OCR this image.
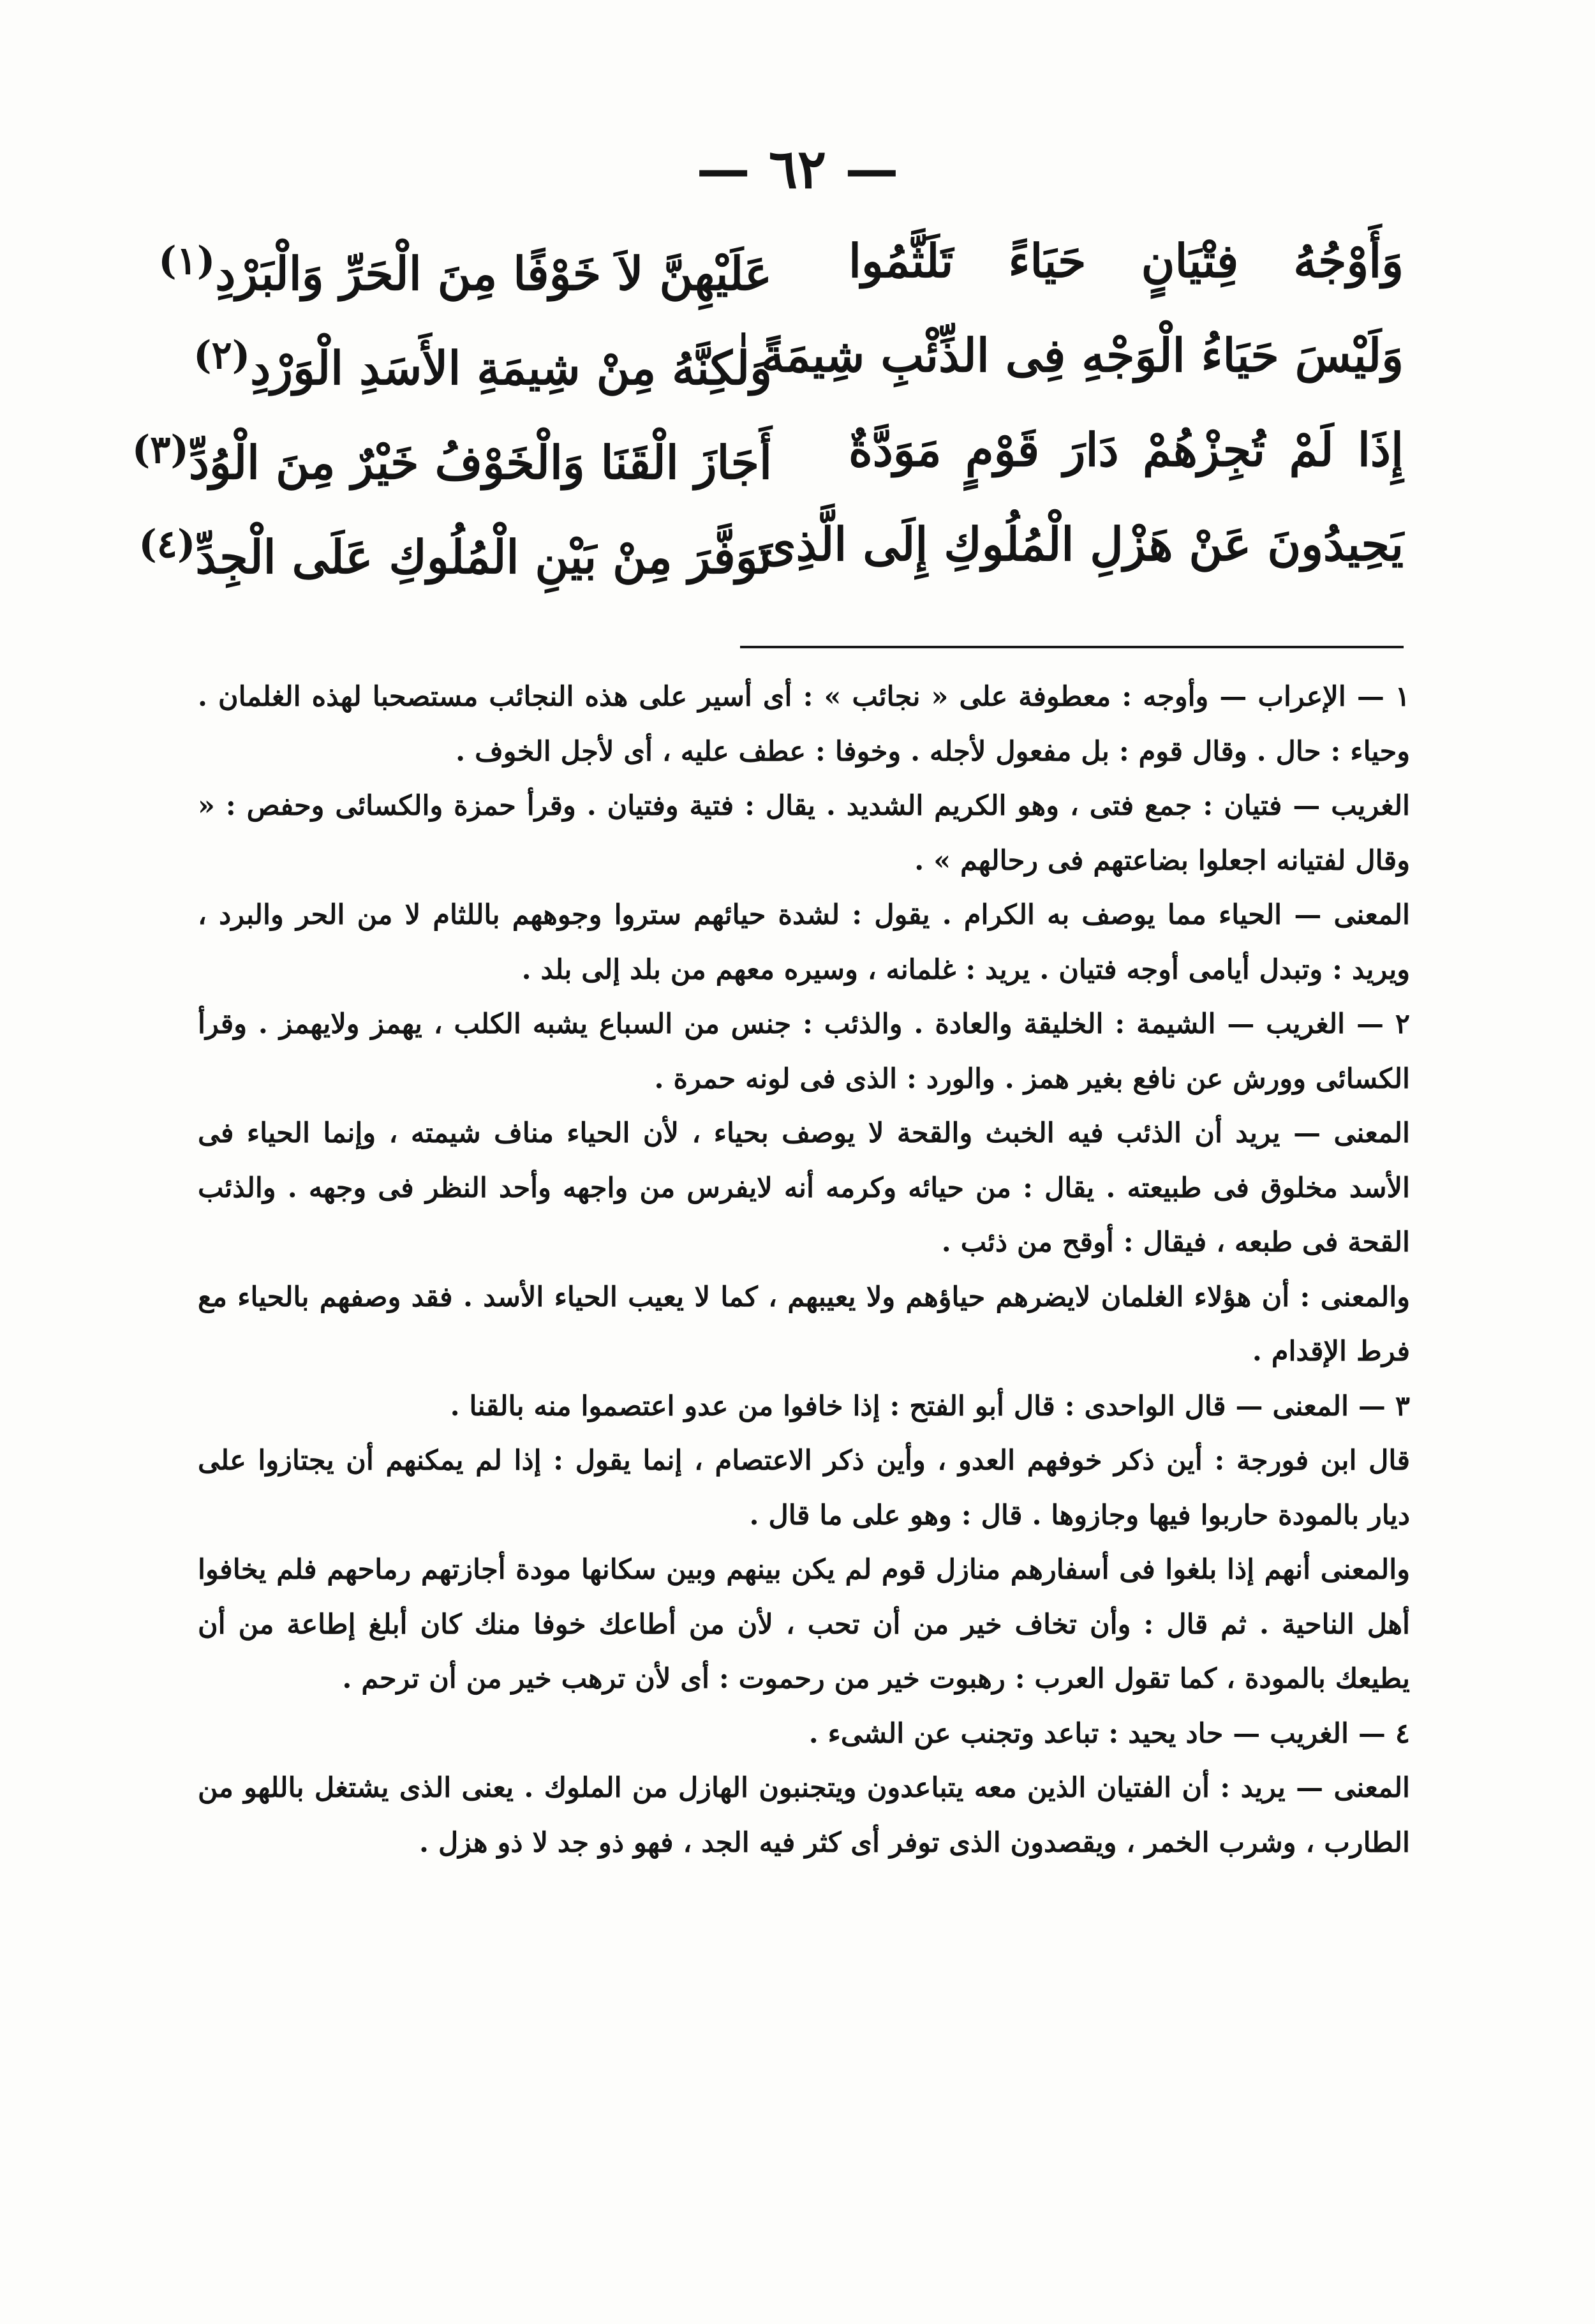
— ٦٢ —
وَأَوْجُهُ فِتْيَانٍ حَيَاءً تَلَثَّمُوا
عَلَيْهِنَّ لاَ خَوْفًا مِنَ الْحَرِّ وَالْبَرْدِ$^{(١)}$
وَلَيْسَ حَيَاءُ الْوَجْهِ فِى الذِّئْبِ شِيمَةً
وَلٰكِنَّهُ مِنْ شِيمَةِ الأَسَدِ الْوَرْدِ$^{(٢)}$
إِذَا لَمْ تُجِزْهُمْ دَارَ قَوْمٍ مَوَدَّةٌ
أَجَازَ الْقَنَا وَالْخَوْفُ خَيْرٌ مِنَ الْوُدِّ$^{(٣)}$
يَحِيدُونَ عَنْ هَزْلِ الْمُلُوكِ إِلَى الَّذِى
تَوَفَّرَ مِنْ بَيْنِ الْمُلُوكِ عَلَى الْجِدِّ$^{(٤)}$

١ — الإعراب — وأوجه : معطوفة على « نجائب » : أى أسير على هذه النجائب مستصحبا لهذه الغلمان . وحياء : حال . وقال قوم : بل مفعول لأجله . وخوفا : عطف عليه ، أى لأجل الخوف .

الغريب — فتيان : جمع فتى ، وهو الكريم الشديد . يقال : فتية وفتيان . وقرأ حمزة والكسائى وحفص : « وقال لفتيانه اجعلوا بضاعتهم فى رحالهم » .

المعنى — الحياء مما يوصف به الكرام . يقول : لشدة حيائهم ستروا وجوههم باللثام لا من الحر والبرد ، ويريد : وتبدل أيامى أوجه فتيان . يريد : غلمانه ، وسيره معهم من بلد إلى بلد .

٢ — الغريب — الشيمة : الخليقة والعادة . والذئب : جنس من السباع يشبه الكلب ، يهمز ولايهمز . وقرأ الكسائى وورش عن نافع بغير همز . والورد : الذى فى لونه حمرة .

المعنى — يريد أن الذئب فيه الخبث والقحة لا يوصف بحياء ، لأن الحياء مناف شيمته ، وإنما الحياء فى الأسد مخلوق فى طبيعته . يقال : من حيائه وكرمه أنه لايفرس من واجهه وأحد النظر فى وجهه . والذئب القحة فى طبعه ، فيقال : أوقح من ذئب .

والمعنى : أن هؤلاء الغلمان لايضرهم حياؤهم ولا يعيبهم ، كما لا يعيب الحياء الأسد . فقد وصفهم بالحياء مع فرط الإقدام .

٣ — المعنى — قال الواحدى : قال أبو الفتح : إذا خافوا من عدو اعتصموا منه بالقنا .

قال ابن فورجة : أين ذكر خوفهم العدو ، وأين ذكر الاعتصام ، إنما يقول : إذا لم يمكنهم أن يجتازوا على ديار بالمودة حاربوا فيها وجازوها . قال : وهو على ما قال .

والمعنى أنهم إذا بلغوا فى أسفارهم منازل قوم لم يكن بينهم وبين سكانها مودة أجازتهم رماحهم فلم يخافوا أهل الناحية . ثم قال : وأن تخاف خير من أن تحب ، لأن من أطاعك خوفا منك كان أبلغ إطاعة من أن يطيعك بالمودة ، كما تقول العرب : رهبوت خير من رحموت : أى لأن ترهب خير من أن ترحم .

٤ — الغريب — حاد يحيد : تباعد وتجنب عن الشىء .

المعنى — يريد : أن الفتيان الذين معه يتباعدون ويتجنبون الهازل من الملوك . يعنى الذى يشتغل باللهو من الطارب ، وشرب الخمر ، ويقصدون الذى توفر أى كثر فيه الجد ، فهو ذو جد لا ذو هزل .
